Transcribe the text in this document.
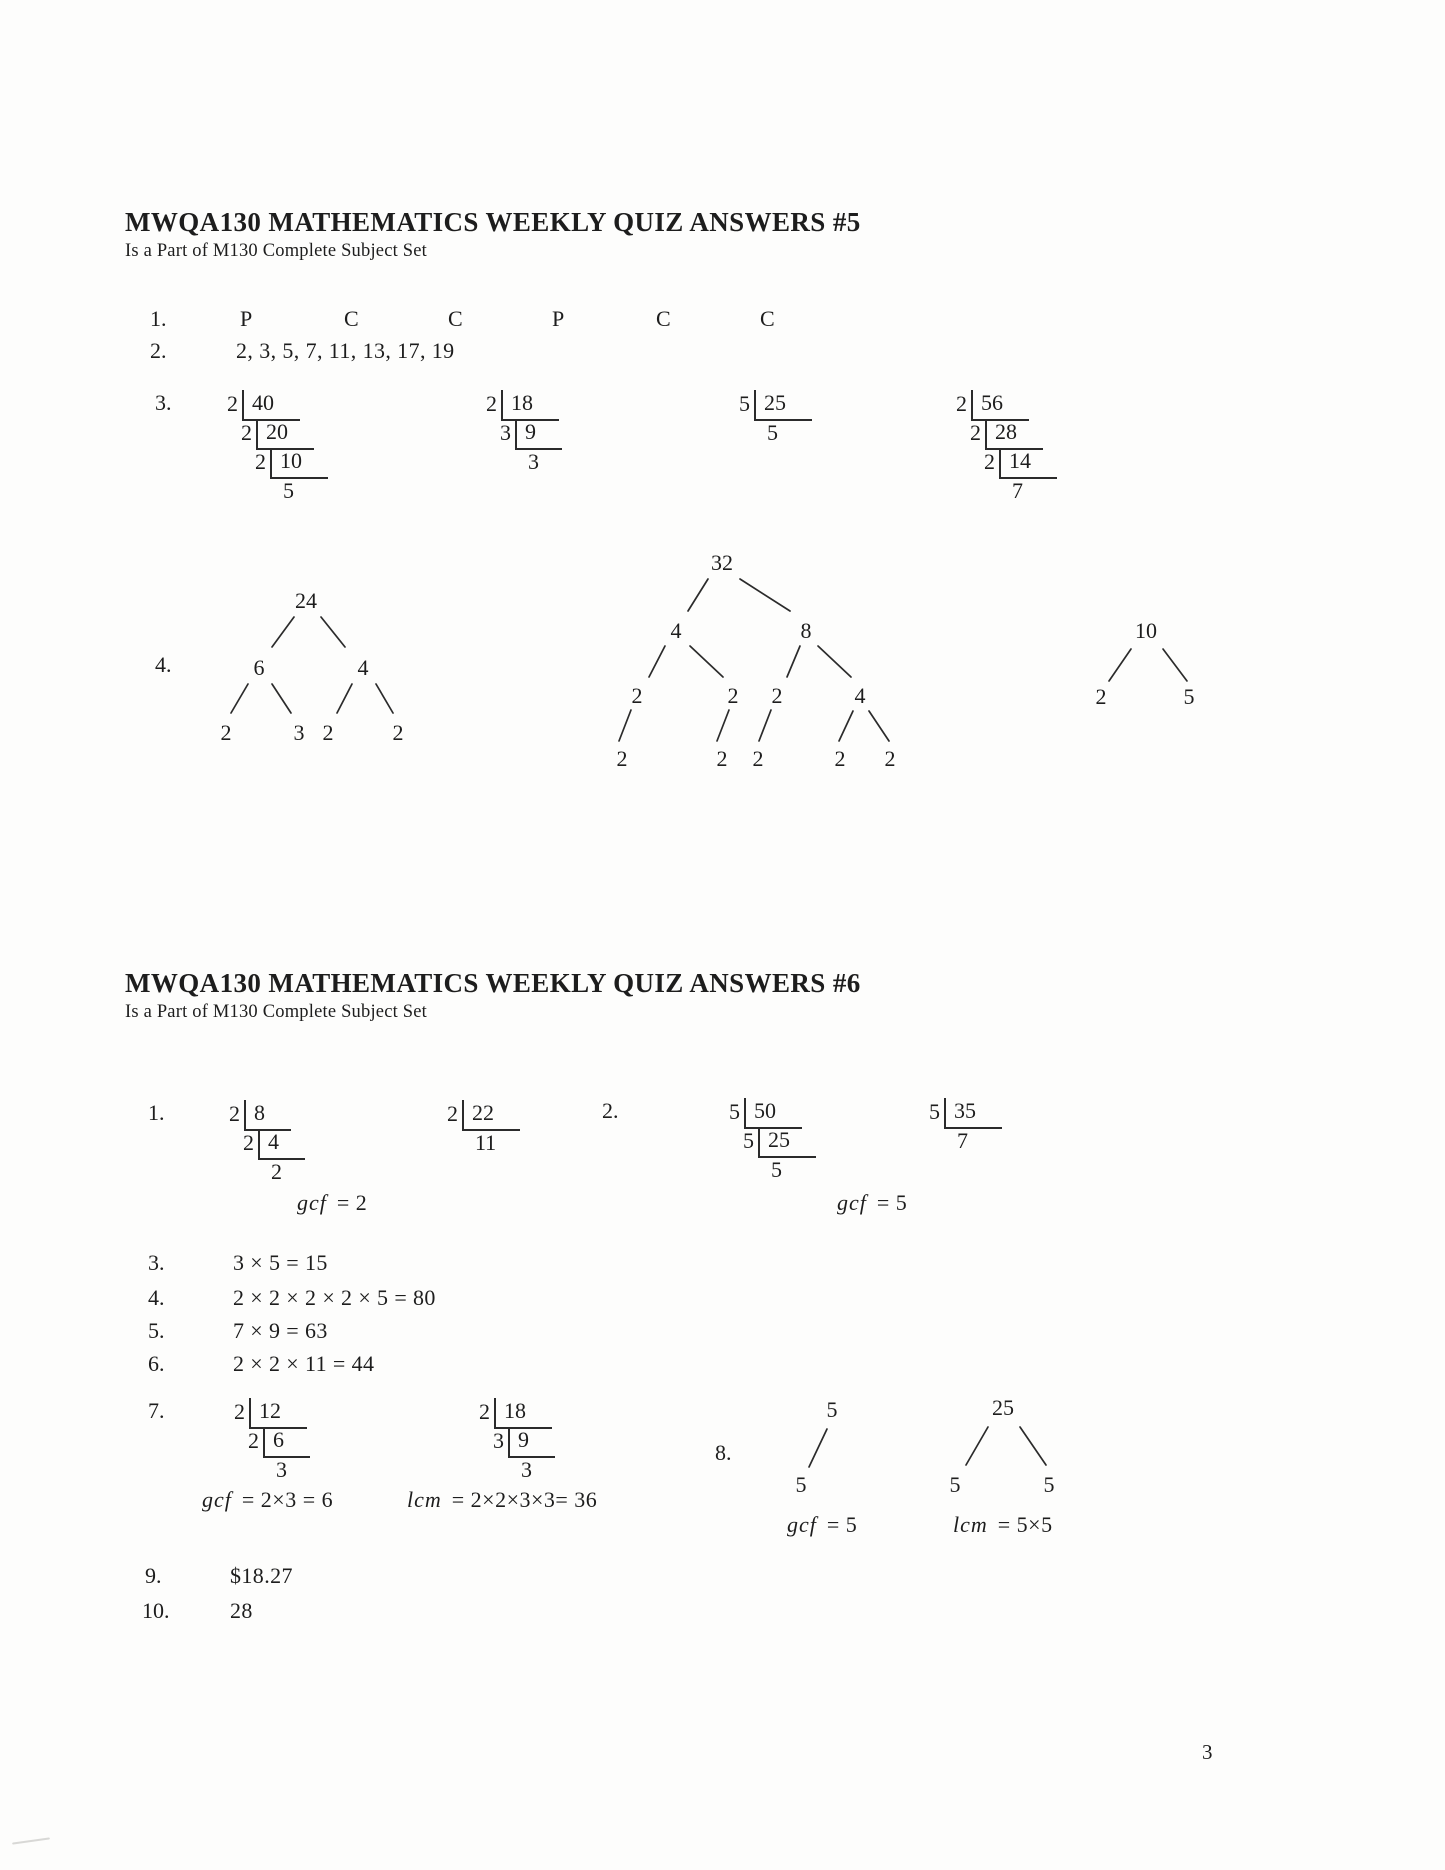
MWQA130 MATHEMATICS WEEKLY QUIZ ANSWERS #5
Is a Part of M130 Complete Subject Set
1.	P	C	C	P	C	C
2.	2, 3, 5, 7, 11, 13, 17, 19
3.
4.
MWQA130 MATHEMATICS WEEKLY QUIZ ANSWERS #6
Is a Part of M130 Complete Subject Set
1.	2.
gcf = 2	gcf = 5
3.	3 × 5 = 15
4.	2 × 2 × 2 × 2 × 5 = 80
5.	7 × 9 = 63
6.	2 × 2 × 11 = 44
7.
gcf = 2×3 = 6	lcm = 2×2×3×3= 36
8.
gcf = 5	lcm = 5×5
9.	$18.27
10.	28
3
2 40
2 20
2 10
5
2 18
3 9
3
5 25
5
2 56
2 28
2 14
7
2 8
2 4
2
2 22
11
5 50
5 25
5
5 35
7
2 12
2 6
3
2 18
3 9
3
24
6	4
2	3 2	2
32
4	8
2	2 2	4
2	2 2	2 2
10
2	5
5
5
25
5	5
